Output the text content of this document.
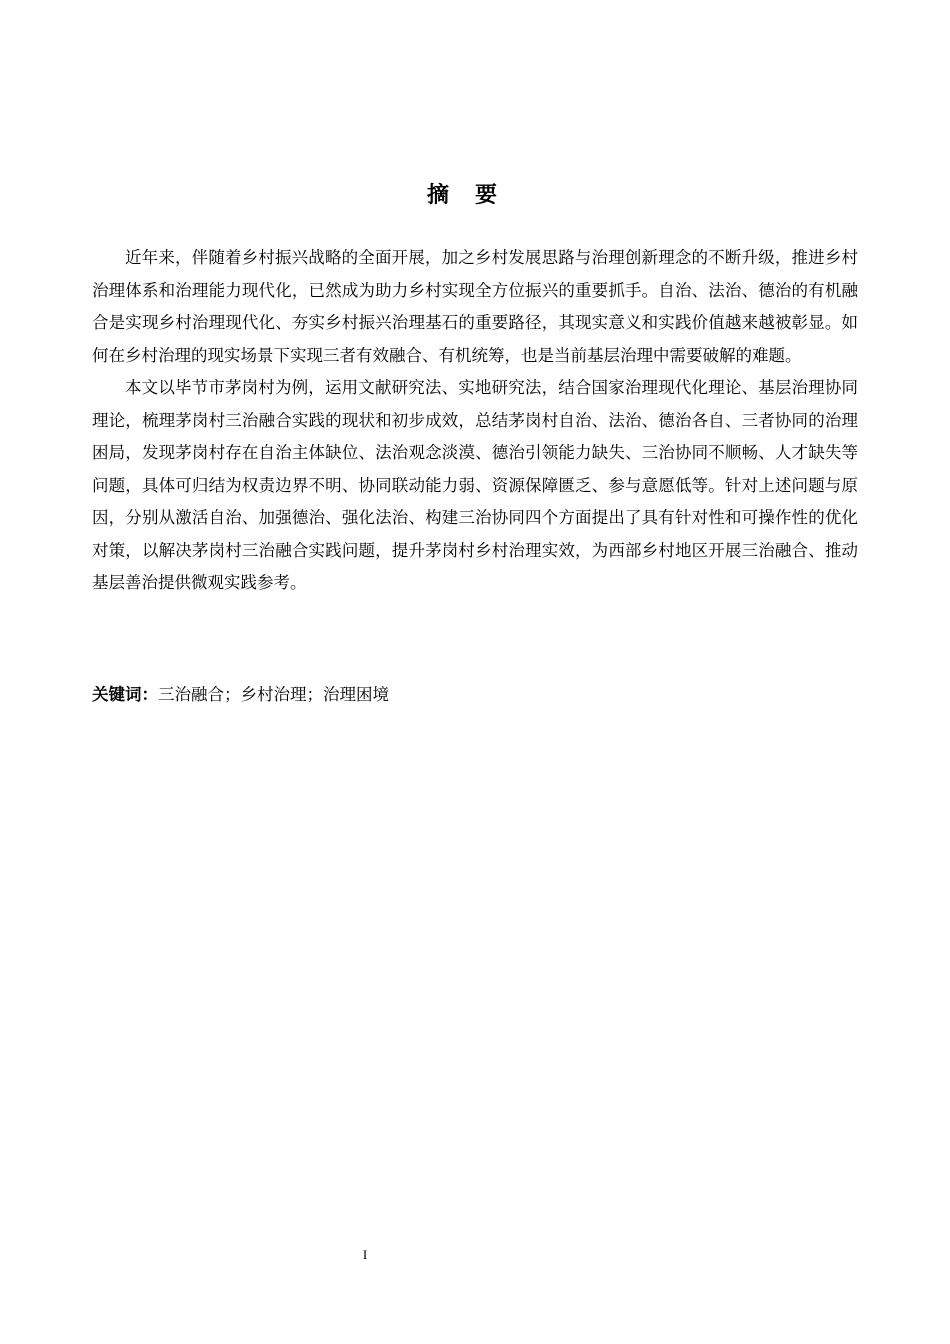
摘要

近年来，伴随着乡村振兴战略的全面开展，加之乡村发展思路与治理创新理念的不断升级，推进乡村治理体系和治理能力现代化，已然成为助力乡村实现全方位振兴的重要抓手。自治、法治、德治的有机融合是实现乡村治理现代化、夯实乡村振兴治理基石的重要路径，其现实意义和实践价值越来越被彰显。如何在乡村治理的现实场景下实现三者有效融合、有机统筹，也是当前基层治理中需要破解的难题。

本文以毕节市茅岗村为例，运用文献研究法、实地研究法，结合国家治理现代化理论、基层治理协同理论，梳理茅岗村三治融合实践的现状和初步成效，总结茅岗村自治、法治、德治各自、三者协同的治理困局，发现茅岗村存在自治主体缺位、法治观念淡漠、德治引领能力缺失、三治协同不顺畅、人才缺失等问题，具体可归结为权责边界不明、协同联动能力弱、资源保障匮乏、参与意愿低等。针对上述问题与原因，分别从激活自治、加强德治、强化法治、构建三治协同四个方面提出了具有针对性和可操作性的优化对策，以解决茅岗村三治融合实践问题，提升茅岗村乡村治理实效，为西部乡村地区开展三治融合、推动基层善治提供微观实践参考。

关键词：三治融合；乡村治理；治理困境
I
